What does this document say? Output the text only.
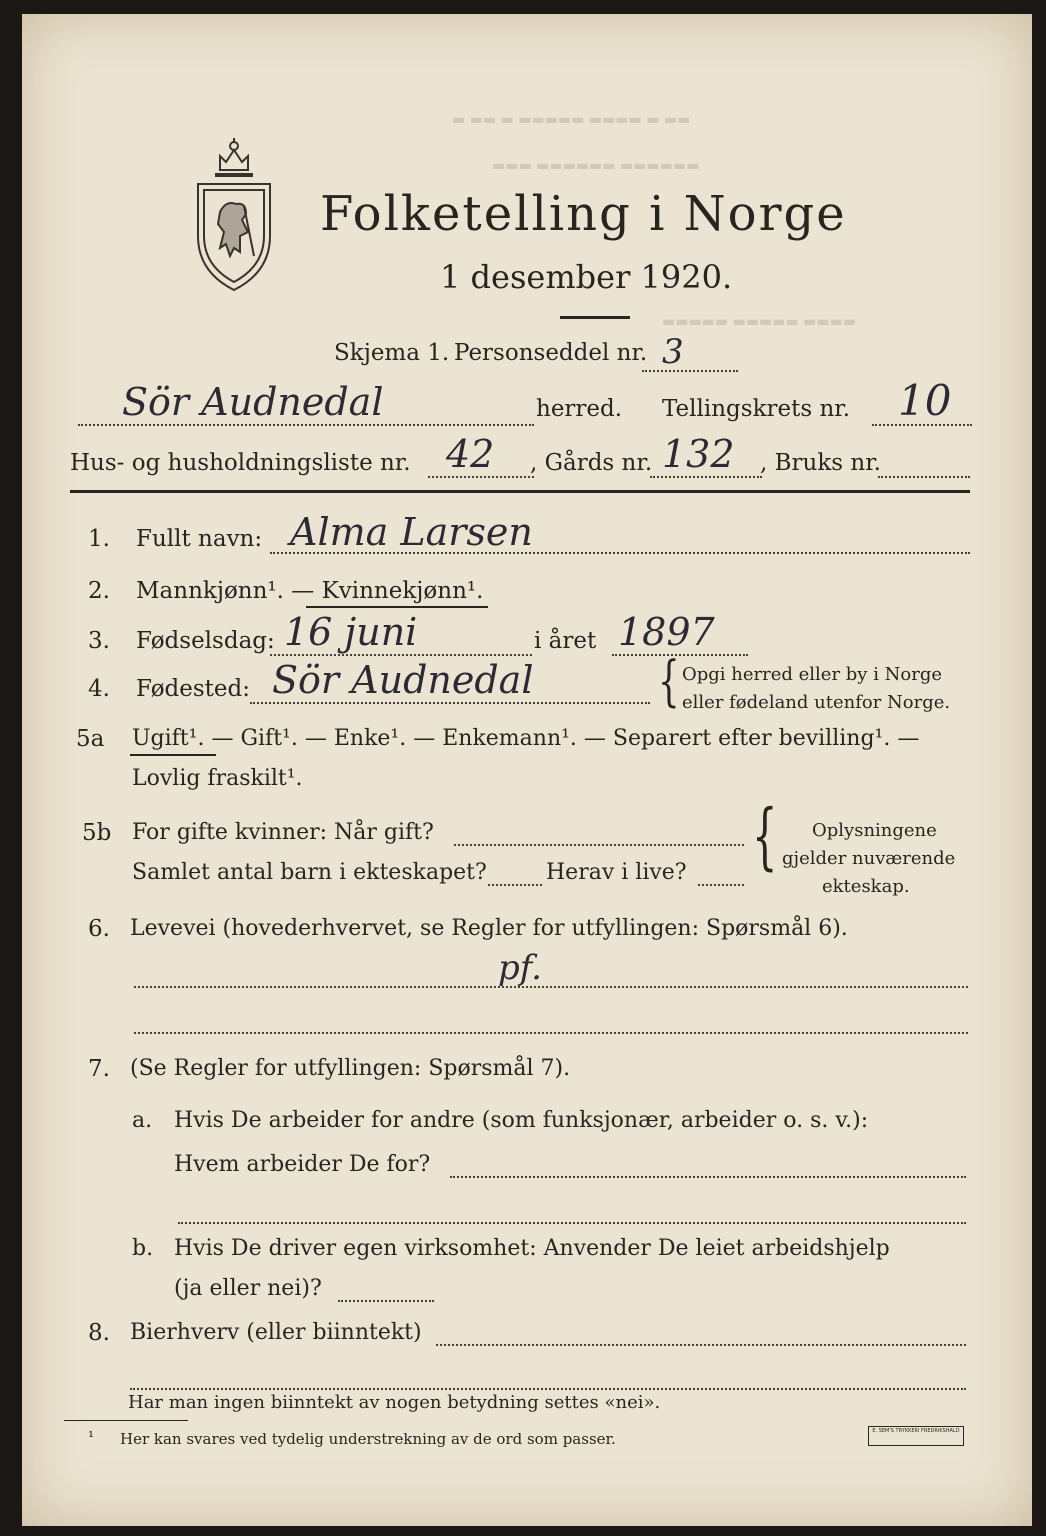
▬ ▬▬ ▬ ▬▬▬▬▬ ▬▬▬▬ ▬ ▬▬
▬▬▬ ▬▬▬▬▬▬ ▬▬▬▬▬▬
▬▬▬▬▬ ▬▬▬▬▬ ▬▬▬▬
Folketelling i Norge
1 desember 1920.
Skjema 1. Personseddel nr. 3
Sör Audnedal	herred. Tellingskrets nr. 10
Hus- og husholdningsliste nr. 42 , Gårds nr. 132 , Bruks nr.
1. Fullt navn: Alma Larsen
2. Mannkjønn¹. — Kvinnekjønn¹.
3. Fødselsdag: 16 juni	i året 1897
4. Fødested: Sör Audnedal	{ Opgi herred eller by i Norge
eller fødeland utenfor Norge.
5a Ugift¹. — Gift¹. — Enke¹. — Enkemann¹. — Separert efter bevilling¹. —
Lovlig fraskilt¹.
5b For gifte kvinner: Når gift?
Samlet antal barn i ekteskapet?	Herav i live? { Oplysningene
gjelder nuværende
ekteskap.
6. Levevei (hovederhvervet, se Regler for utfyllingen: Spørsmål 6).
pf.
7. (Se Regler for utfyllingen: Spørsmål 7).
a. Hvis De arbeider for andre (som funksjonær, arbeider o. s. v.):
Hvem arbeider De for?
b. Hvis De driver egen virksomhet: Anvender De leiet arbeidshjelp
(ja eller nei)?
8. Bierhverv (eller biinntekt)
Har man ingen biinntekt av nogen betydning settes «nei».
¹ Her kan svares ved tydelig understrekning av de ord som passer.	E. SEM'S TRYKKERI FREDRIKSHALD
